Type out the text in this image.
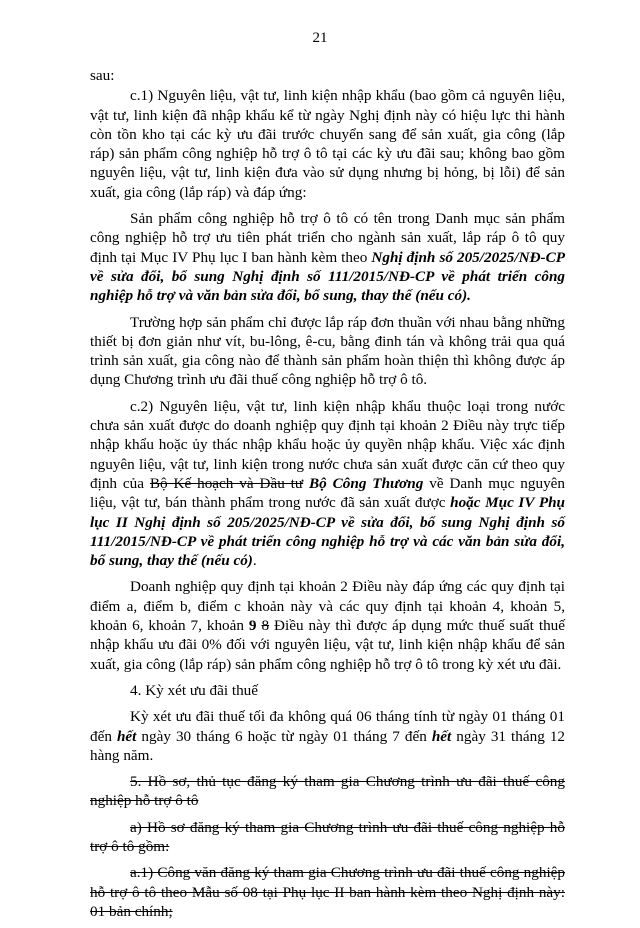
21

sau:

c.1) Nguyên liệu, vật tư, linh kiện nhập khẩu (bao gồm cả nguyên liệu, vật tư, linh kiện đã nhập khẩu kể từ ngày Nghị định này có hiệu lực thi hành còn tồn kho tại các kỳ ưu đãi trước chuyển sang để sản xuất, gia công (lắp ráp) sản phẩm công nghiệp hỗ trợ ô tô tại các kỳ ưu đãi sau; không bao gồm nguyên liệu, vật tư, linh kiện đưa vào sử dụng nhưng bị hỏng, bị lỗi) để sản xuất, gia công (lắp ráp) và đáp ứng:

Sản phẩm công nghiệp hỗ trợ ô tô có tên trong Danh mục sản phẩm công nghiệp hỗ trợ ưu tiên phát triển cho ngành sản xuất, lắp ráp ô tô quy định tại Mục IV Phụ lục I ban hành kèm theo Nghị định số 205/2025/NĐ-CP về sửa đổi, bổ sung Nghị định số 111/2015/NĐ-CP về phát triển công nghiệp hỗ trợ và văn bản sửa đổi, bổ sung, thay thế (nếu có).

Trường hợp sản phẩm chỉ được lắp ráp đơn thuần với nhau bằng những thiết bị đơn giản như vít, bu-lông, ê-cu, bằng đinh tán và không trải qua quá trình sản xuất, gia công nào để thành sản phẩm hoàn thiện thì không được áp dụng Chương trình ưu đãi thuế công nghiệp hỗ trợ ô tô.

c.2) Nguyên liệu, vật tư, linh kiện nhập khẩu thuộc loại trong nước chưa sản xuất được do doanh nghiệp quy định tại khoản 2 Điều này trực tiếp nhập khẩu hoặc ủy thác nhập khẩu hoặc ủy quyền nhập khẩu. Việc xác định nguyên liệu, vật tư, linh kiện trong nước chưa sản xuất được căn cứ theo quy định của Bộ Kế hoạch và Đầu tư Bộ Công Thương về Danh mục nguyên liệu, vật tư, bán thành phẩm trong nước đã sản xuất được hoặc Mục IV Phụ lục II Nghị định số 205/2025/NĐ-CP về sửa đổi, bổ sung Nghị định số 111/2015/NĐ-CP về phát triển công nghiệp hỗ trợ và các văn bản sửa đổi, bổ sung, thay thế (nếu có).

Doanh nghiệp quy định tại khoản 2 Điều này đáp ứng các quy định tại điểm a, điểm b, điểm c khoản này và các quy định tại khoản 4, khoản 5, khoản 6, khoản 7, khoản 9 8 Điều này thì được áp dụng mức thuế suất thuế nhập khẩu ưu đãi 0% đối với nguyên liệu, vật tư, linh kiện nhập khẩu để sản xuất, gia công (lắp ráp) sản phẩm công nghiệp hỗ trợ ô tô trong kỳ xét ưu đãi.

4. Kỳ xét ưu đãi thuế

Kỳ xét ưu đãi thuế tối đa không quá 06 tháng tính từ ngày 01 tháng 01 đến hết ngày 30 tháng 6 hoặc từ ngày 01 tháng 7 đến hết ngày 31 tháng 12 hàng năm.

5. Hồ sơ, thủ tục đăng ký tham gia Chương trình ưu đãi thuế công nghiệp hỗ trợ ô tô

a) Hồ sơ đăng ký tham gia Chương trình ưu đãi thuế công nghiệp hỗ trợ ô tô gồm:

a.1) Công văn đăng ký tham gia Chương trình ưu đãi thuế công nghiệp hỗ trợ ô tô theo Mẫu số 08 tại Phụ lục II ban hành kèm theo Nghị định này: 01 bản chính;
